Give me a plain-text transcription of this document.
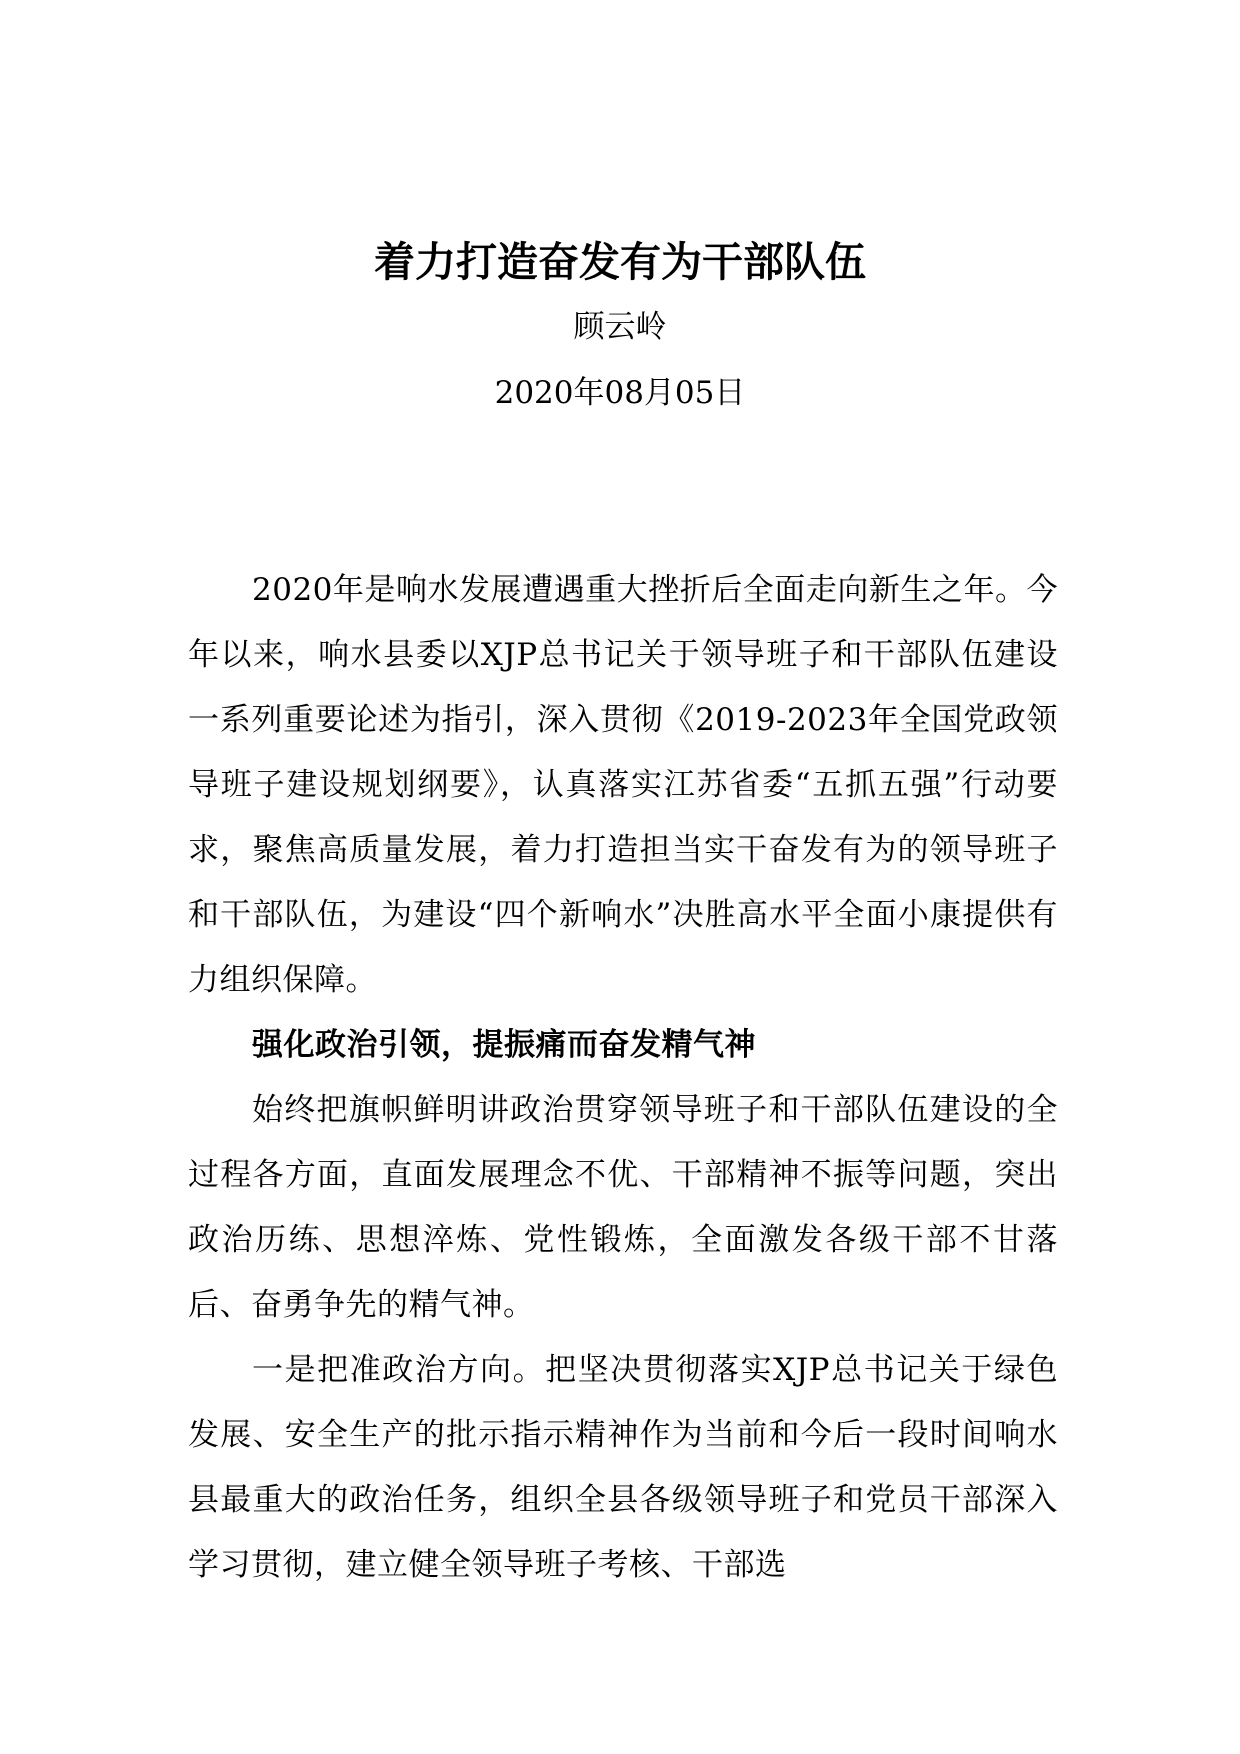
着力打造奋发有为干部队伍
顾云岭
2020年08月05日

2020年是响水发展遭遇重大挫折后全面走向新生之年。今年以来，响水县委以XJP总书记关于领导班子和干部队伍建设一系列重要论述为指引，深入贯彻《2019-2023年全国党政领导班子建设规划纲要》，认真落实江苏省委“五抓五强”行动要求，聚焦高质量发展，着力打造担当实干奋发有为的领导班子和干部队伍，为建设“四个新响水”决胜高水平全面小康提供有力组织保障。

强化政治引领，提振痛而奋发精气神

始终把旗帜鲜明讲政治贯穿领导班子和干部队伍建设的全过程各方面，直面发展理念不优、干部精神不振等问题，突出政治历练、思想淬炼、党性锻炼，全面激发各级干部不甘落后、奋勇争先的精气神。

一是把准政治方向。把坚决贯彻落实XJP总书记关于绿色发展、安全生产的批示指示精神作为当前和今后一段时间响水县最重大的政治任务，组织全县各级领导班子和党员干部深入学习贯彻，建立健全领导班子考核、干部选
